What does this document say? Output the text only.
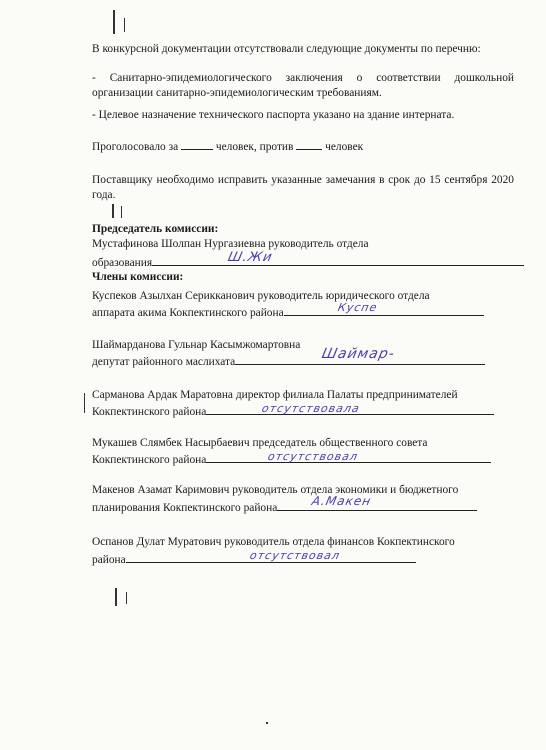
В конкурсной документации отсутствовали следующие документы по перечню:
- Санитарно-эпидемиологического заключения о соответствии дошкольной организации санитарно-эпидемиологическим требованиям.
- Целевое назначение технического паспорта указано на здание интерната.
Проголосовало за	человек, против	человек
Поставщику необходимо исправить указанные замечания в срок до 15 сентября 2020 года.
Председатель комиссии:
Мустафинова Шолпан Нургазиевна руководитель отдела
образования	Ш.Жи
Члены комиссии:
Куспеков Азылхан Серикканович руководитель юридического отдела
аппарата акима Кокпектинского района	Куспе
Шаймарданова Гульнар Касымжомартовна
депутат районного маслихата	Шаймар-
Сарманова Ардак Маратовна директор филиала Палаты предпринимателей
Кокпектинского района	отсутствовала
Мукашев Слямбек Насырбаевич председатель общественного совета
Кокпектинского района	отсутствовал
Макенов Азамат Каримович руководитель отдела экономики и бюджетного
планирования Кокпектинского района	А.Макен
Оспанов Дулат Муратович руководитель отдела финансов Кокпектинского
района	отсутствовал
